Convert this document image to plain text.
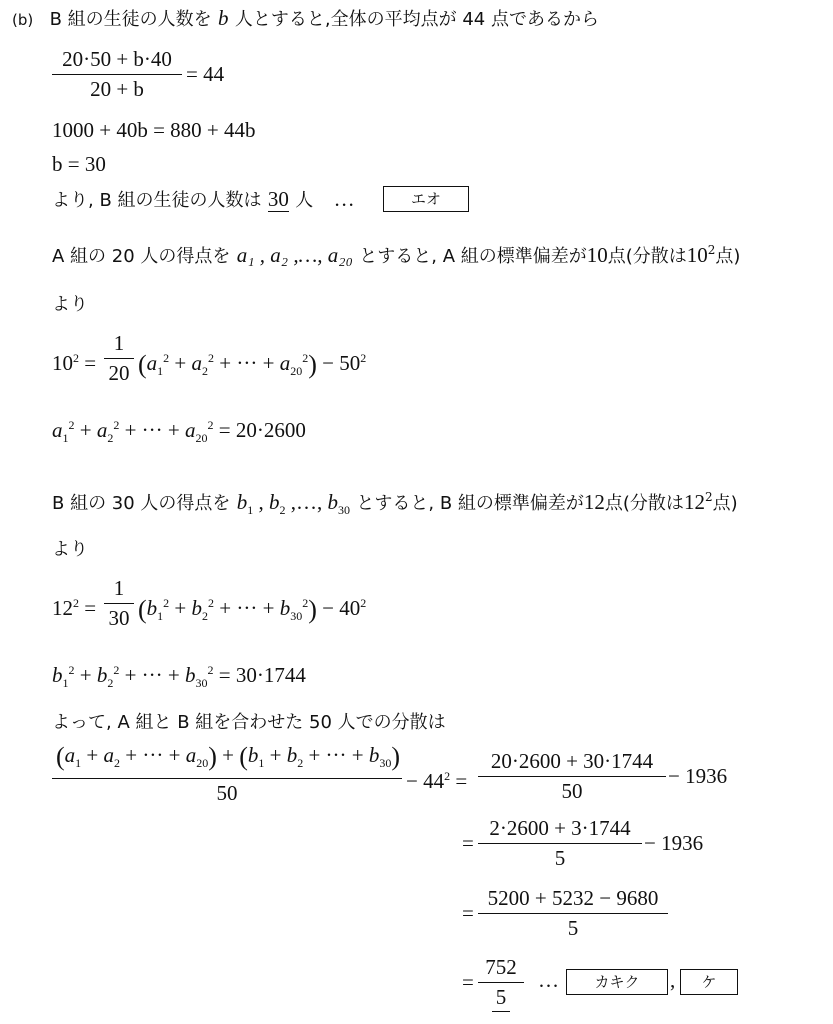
(b) B 組の生徒の人数を b 人とすると,全体の平均点が 44 点であるから
$\frac{20\cdot 50 + b\cdot 40}{20 + b} = 44$
1000 + 40b = 880 + 44b
b = 30
より, B 組の生徒の人数は 30 人 …	エオ
A 組の 20 人の得点を a₁ , a₂ ,…, a₂₀ とすると, A 組の標準偏差が10点(分散は$10^2$点)
より
$10^2 = \frac{1}{20} (a_1^2 + a_2^2$ + ··· + $a_{20}^2) - 50^2$
$a_1^2 + a_2^2$ + ··· + $a_{20}^2 = 20\cdot 2600$
B 組の 30 人の得点を $b_1$ , $b_2$ ,…, $b_{30}$ とすると, B 組の標準偏差が12点(分散は$12^2$点)
より
$12^2 = \frac{1}{30} (b_1^2 + b_2^2$ + ··· + $b_{30}^2) - 40^2$
$b_1^2 + b_2^2$ + ··· + $b_{30}^2 = 30\cdot 1744$
よって, A 組と B 組を合わせた 50 人での分散は
$\frac{(a_1 + a_2 + \cdot\cdot\cdot + a_{20}) + (b_1 + b_2 + \cdot\cdot\cdot + b_{30})}{50} - 44^2 = \frac{20\cdot 2600 + 30\cdot 1744}{50} - 1936$
= $\frac{2\cdot 2600 + 3\cdot 1744}{5} - 1936$
= $\frac{5200 + 5232 - 9680}{5}$
= $\frac{752}{5}$ …	カキク	,	ケ
